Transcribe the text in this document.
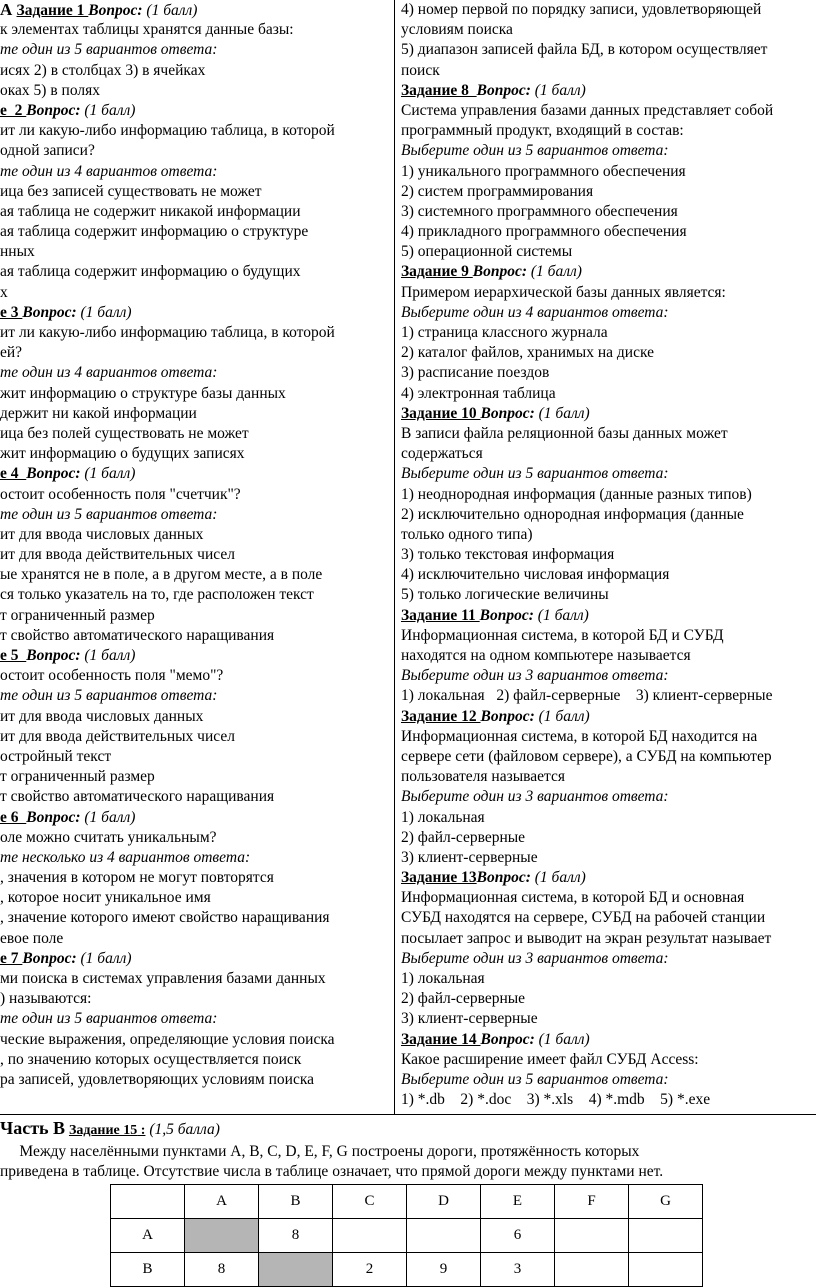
А Задание 1 Вопрос: (1 балл)
к элементах таблицы хранятся данные базы:
те один из 5 вариантов ответа:
исях 2) в столбцах 3) в ячейках
оках 5) в полях
е  2 Вопрос: (1 балл)
ит ли какую-либо информацию таблица, в которой
одной записи?
те один из 4 вариантов ответа:
ица без записей существовать не может
ая таблица не содержит никакой информации
ая таблица содержит информацию о структуре
нных
ая таблица содержит информацию о будущих
х
е 3 Вопрос: (1 балл)
ит ли какую-либо информацию таблица, в которой
ей?
те один из 4 вариантов ответа:
жит информацию о структуре базы данных
держит ни какой информации
ица без полей существовать не может
жит информацию о будущих записях
е 4  Вопрос: (1 балл)
остоит особенность поля "счетчик"?
те один из 5 вариантов ответа:
ит для ввода числовых данных
ит для ввода действительных чисел
ые хранятся не в поле, а в другом месте, а в поле
ся только указатель на то, где расположен текст
т ограниченный размер
т свойство автоматического наращивания
е 5  Вопрос: (1 балл)
остоит особенность поля "мемо"?
те один из 5 вариантов ответа:
ит для ввода числовых данных
ит для ввода действительных чисел
остройный текст
т ограниченный размер
т свойство автоматического наращивания
е 6  Вопрос: (1 балл)
оле можно считать уникальным?
те несколько из 4 вариантов ответа:
, значения в котором не могут повторятся
, которое носит уникальное имя
, значение которого имеют свойство наращивания
евое поле
е 7 Вопрос: (1 балл)
ми поиска в системах управления базами данных
) называются:
те один из 5 вариантов ответа:
ческие выражения, определяющие условия поиска
, по значению которых осуществляется поиск
ра записей, удовлетворяющих условиям поиска
4) номер первой по порядку записи, удовлетворяющей
условиям поиска
5) диапазон записей файла БД, в котором осуществляет
поиск
Задание 8  Вопрос: (1 балл)
Система управления базами данных представляет собой
программный продукт, входящий в состав:
Выберите один из 5 вариантов ответа:
1) уникального программного обеспечения
2) систем программирования
3) системного программного обеспечения
4) прикладного программного обеспечения
5) операционной системы
Задание 9 Вопрос: (1 балл)
Примером иерархической базы данных является:
Выберите один из 4 вариантов ответа:
1) страница классного журнала
2) каталог файлов, хранимых на диске
3) расписание поездов
4) электронная таблица
Задание 10 Вопрос: (1 балл)
В записи файла реляционной базы данных может
содержаться
Выберите один из 5 вариантов ответа:
1) неоднородная информация (данные разных типов)
2) исключительно однородная информация (данные
только одного типа)
3) только текстовая информация
4) исключительно числовая информация
5) только логические величины
Задание 11 Вопрос: (1 балл)
Информационная система, в которой БД и СУБД
находятся на одном компьютере называется
Выберите один из 3 вариантов ответа:
1) локальная   2) файл-серверные    3) клиент-серверные
Задание 12 Вопрос: (1 балл)
Информационная система, в которой БД находится на
сервере сети (файловом сервере), а СУБД на компьютер
пользователя называется
Выберите один из 3 вариантов ответа:
1) локальная
2) файл-серверные
3) клиент-серверные
Задание 13Вопрос: (1 балл)
Информационная система, в которой БД и основная
СУБД находятся на сервере, СУБД на рабочей станции
посылает запрос и выводит на экран результат называет
Выберите один из 3 вариантов ответа:
1) локальная
2) файл-серверные
3) клиент-серверные
Задание 14 Вопрос: (1 балл)
Какое расширение имеет файл СУБД Access:
Выберите один из 5 вариантов ответа:
1) *.db    2) *.doc    3) *.xls    4) *.mdb    5) *.exe

Часть В Задание 15 : (1,5 балла)

Между населёнными пунктами A, B, C, D, E, F, G построены дороги, протяжённость которых

приведена в таблице. Отсутствие числа в таблице означает, что прямой дороги между пунктами нет.

	A	B	C	D	E	F	G
A		8			6		
B	8		2	9	3		
